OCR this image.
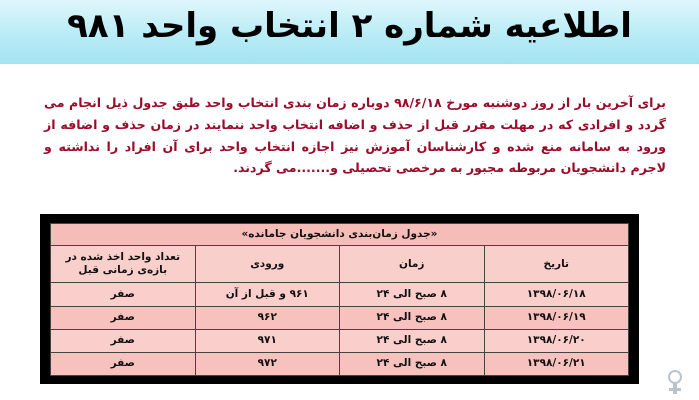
اطلاعیه شماره ۲ انتخاب واحد ۹۸۱
برای آخرین بار از روز دوشنبه مورخ ۹۸/۶/۱۸ دوباره زمان بندی انتخاب واحد طبق جدول ذیل انجام می گردد و افرادی که در مهلت مقرر قبل از حذف و اضافه انتخاب واحد ننمایند در زمان حذف و اضافه از ورود به سامانه منع شده و کارشناسان آموزش نیز اجازه انتخاب واحد برای آن افراد را نداشته و لاجرم دانشجویان مربوطه مجبور به مرخصی تحصیلی و.......می گردند.
«جدول زمان‌بندی دانشجویان جامانده»			
تاریخ	زمان	ورودی	تعداد واحد اخذ شده در بازه‌ی زمانی قبل
۱۳۹۸/۰۶/۱۸	۸ صبح الی ۲۴	۹۶۱ و قبل از آن	صفر
۱۳۹۸/۰۶/۱۹	۸ صبح الی ۲۴	۹۶۲	صفر
۱۳۹۸/۰۶/۲۰	۸ صبح الی ۲۴	۹۷۱	صفر
۱۳۹۸/۰۶/۲۱	۸ صبح الی ۲۴	۹۷۲	صفر
